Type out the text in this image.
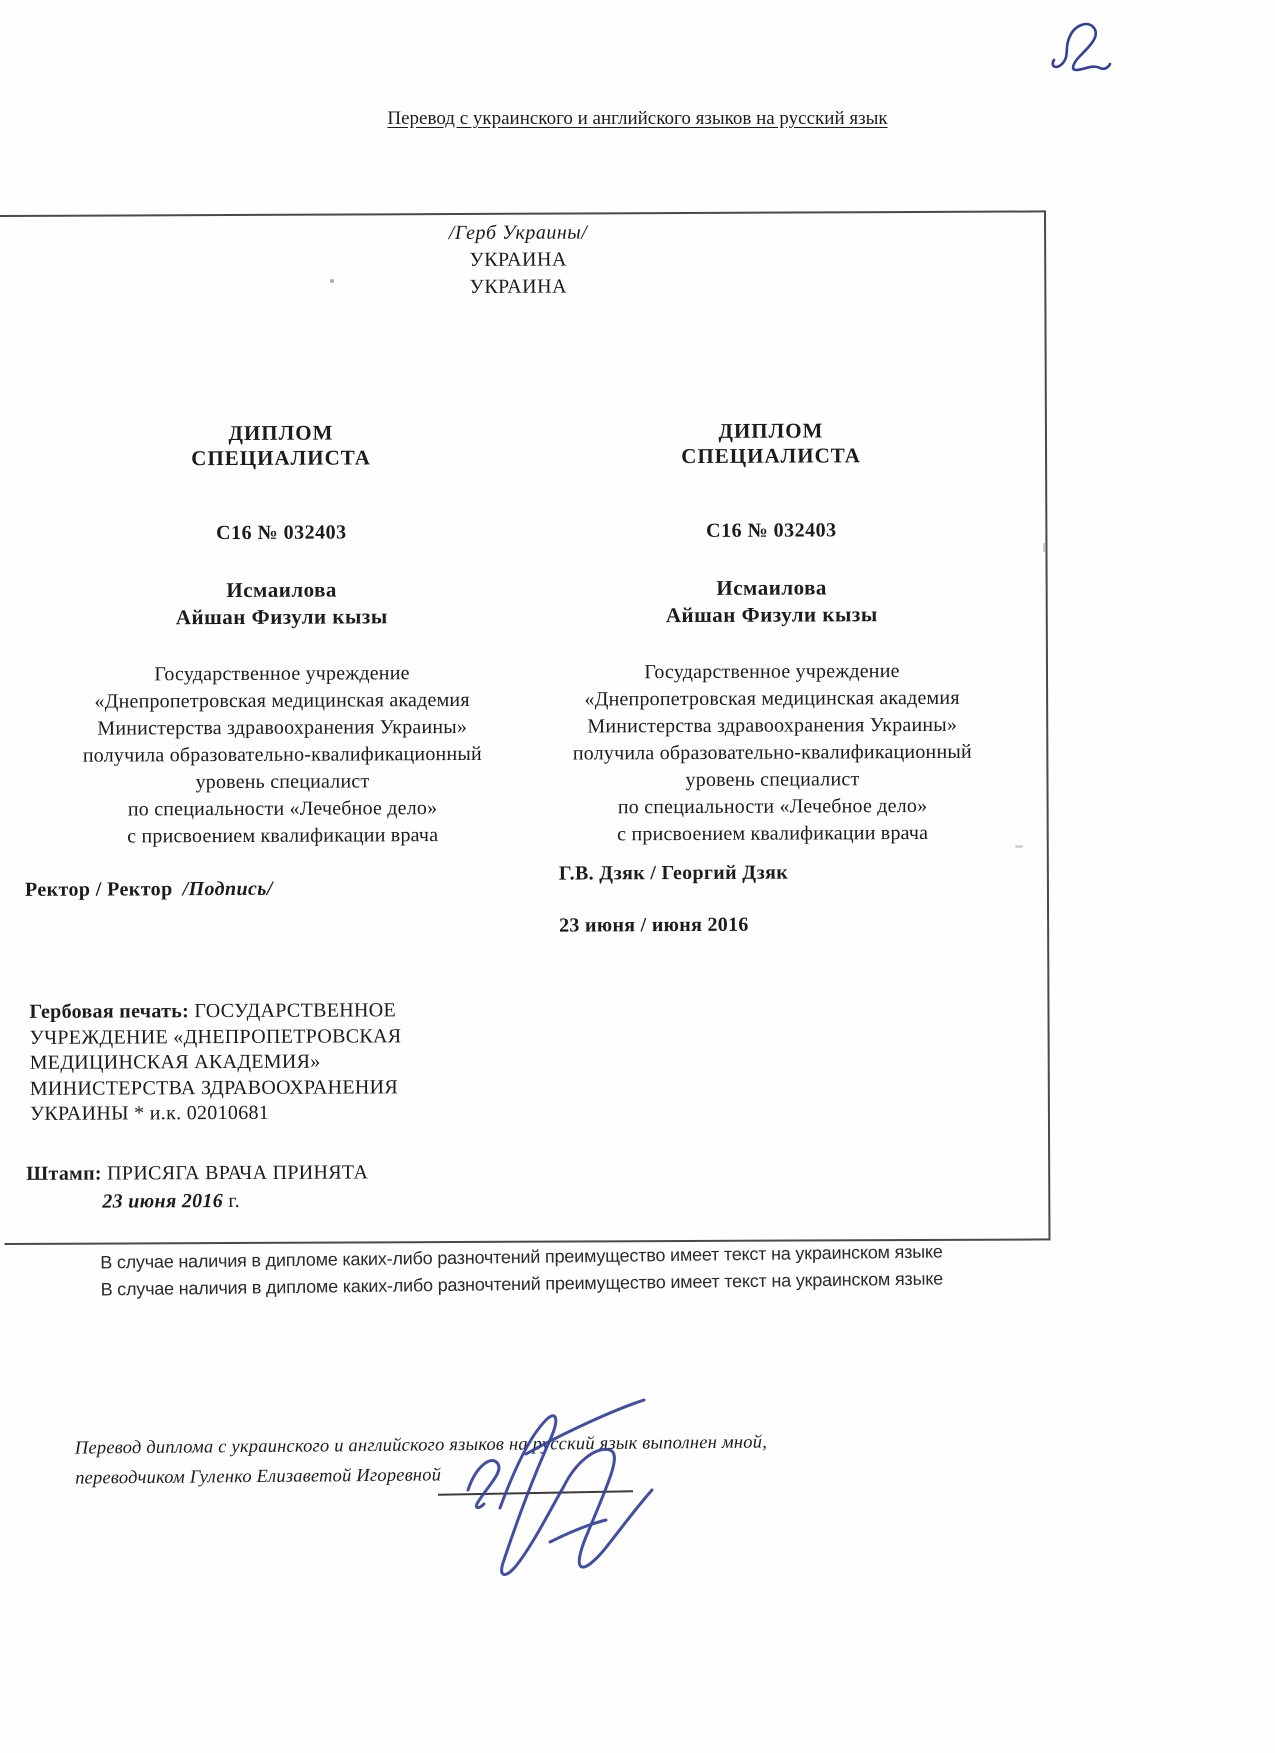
Перевод с украинского и английского языков на русский язык
/Герб Украины/
УКРАИНА
УКРАИНА
ДИПЛОМ
СПЕЦИАЛИСТА
С16 № 032403
Исмаилова
Айшан Физули кызы
Государственное учреждение
«Днепропетровская медицинская академия
Министерства здравоохранения Украины»
получила образовательно-квалификационный
уровень специалист
по специальности «Лечебное дело»
с присвоением квалификации врача
ДИПЛОМ
СПЕЦИАЛИСТА
С16 № 032403
Исмаилова
Айшан Физули кызы
Государственное учреждение
«Днепропетровская медицинская академия
Министерства здравоохранения Украины»
получила образовательно-квалификационный
уровень специалист
по специальности «Лечебное дело»
с присвоением квалификации врача
Ректор / Ректор /Подпись/
Г.В. Дзяк / Георгий Дзяк
23 июня / июня 2016
Гербовая печать: ГОСУДАРСТВЕННОЕ
УЧРЕЖДЕНИЕ «ДНЕПРОПЕТРОВСКАЯ
МЕДИЦИНСКАЯ АКАДЕМИЯ»
МИНИСТЕРСТВА ЗДРАВООХРАНЕНИЯ
УКРАИНЫ * и.к. 02010681
Штамп: ПРИСЯГА ВРАЧА ПРИНЯТА
23 июня 2016 г.
В случае наличия в дипломе каких-либо разночтений преимущество имеет текст на украинском языке
В случае наличия в дипломе каких-либо разночтений преимущество имеет текст на украинском языке
Перевод диплома с украинского и английского языков на русский язык выполнен мной,
переводчиком Гуленко Елизаветой Игоревной
